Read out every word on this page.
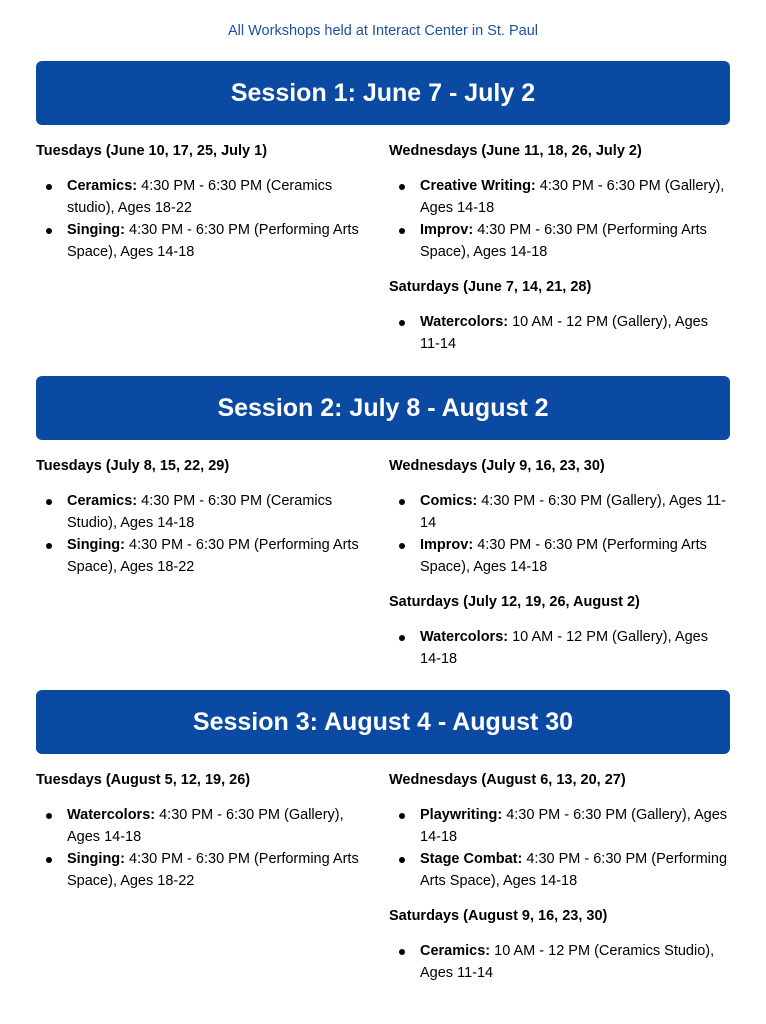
All Workshops held at Interact Center in St. Paul
Session 1: June 7 - July 2
Tuesdays (June 10, 17, 25, July 1)
Ceramics: 4:30 PM - 6:30 PM (Ceramics studio), Ages 18-22
Singing: 4:30 PM - 6:30 PM (Performing Arts Space), Ages 14-18
Wednesdays (June 11, 18, 26, July 2)
Creative Writing: 4:30 PM - 6:30 PM (Gallery), Ages 14-18
Improv: 4:30 PM - 6:30 PM (Performing Arts Space), Ages 14-18
Saturdays (June 7, 14, 21, 28)
Watercolors: 10 AM - 12 PM (Gallery), Ages 11-14
Session 2: July 8 - August 2
Tuesdays (July 8, 15, 22, 29)
Ceramics: 4:30 PM - 6:30 PM (Ceramics Studio), Ages 14-18
Singing: 4:30 PM - 6:30 PM (Performing Arts Space), Ages 18-22
Wednesdays (July 9, 16, 23, 30)
Comics: 4:30 PM - 6:30 PM (Gallery), Ages 11-14
Improv: 4:30 PM - 6:30 PM (Performing Arts Space), Ages 14-18
Saturdays (July 12, 19, 26, August 2)
Watercolors: 10 AM - 12 PM (Gallery), Ages 14-18
Session 3: August 4 - August 30
Tuesdays (August 5, 12, 19, 26)
Watercolors: 4:30 PM - 6:30 PM (Gallery), Ages 14-18
Singing: 4:30 PM - 6:30 PM (Performing Arts Space), Ages 18-22
Wednesdays (August 6, 13, 20, 27)
Playwriting: 4:30 PM - 6:30 PM (Gallery), Ages 14-18
Stage Combat: 4:30 PM - 6:30 PM (Performing Arts Space), Ages 14-18
Saturdays (August 9, 16, 23, 30)
Ceramics: 10 AM - 12 PM (Ceramics Studio), Ages 11-14
